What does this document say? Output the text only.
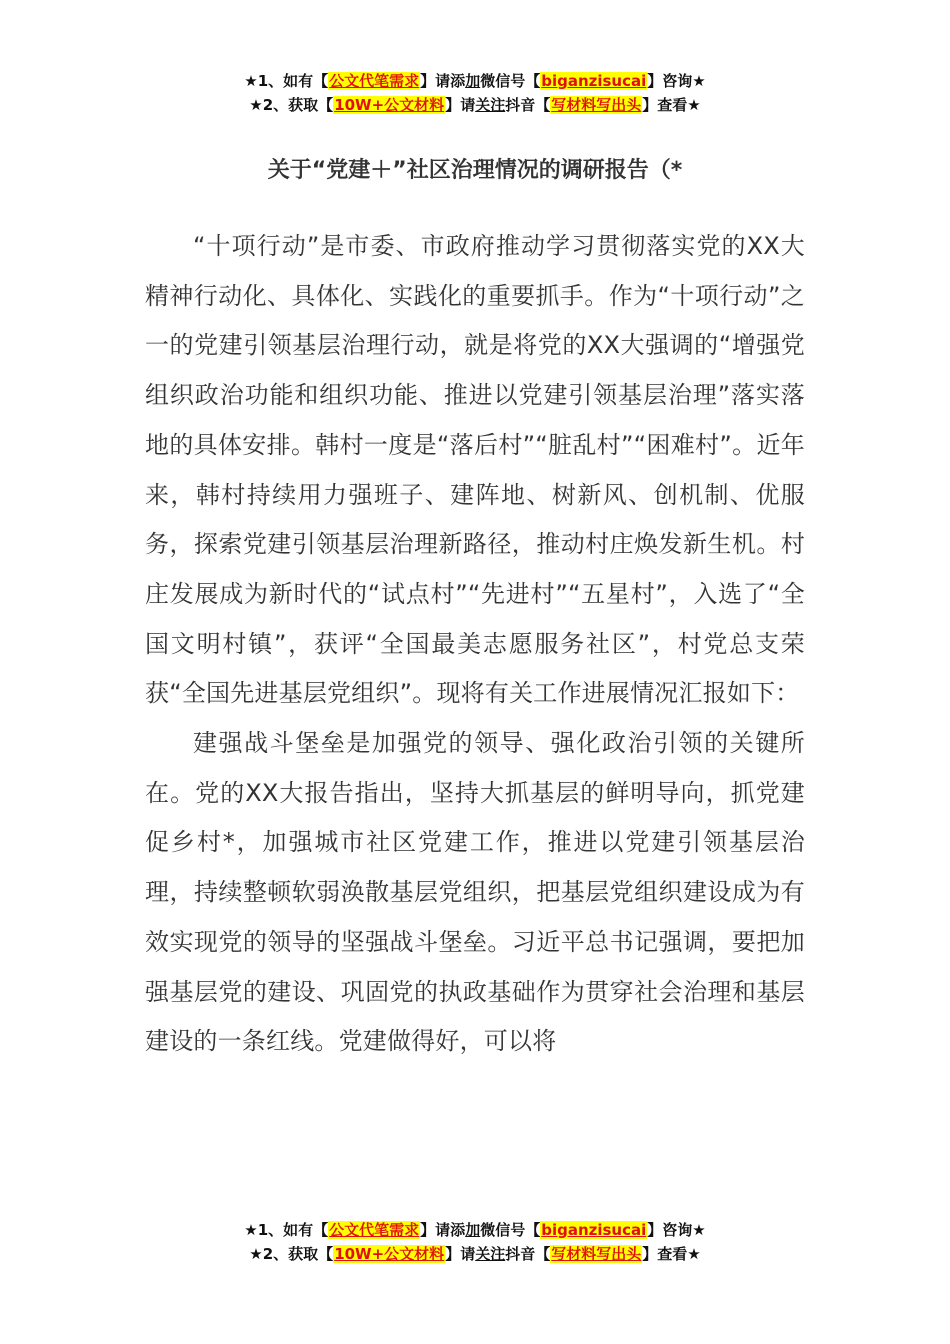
★1、如有【公文代笔需求】请添加微信号【biganzisucai】咨询★
★2、获取【10W+公文材料】请关注抖音【写材料写出头】查看★
关于“党建＋”社区治理情况的调研报告（*

“十项行动”是市委、市政府推动学习贯彻落实党的XX大精神行动化、具体化、实践化的重要抓手。作为“十项行动”之一的党建引领基层治理行动，就是将党的XX大强调的“增强党组织政治功能和组织功能、推进以党建引领基层治理”落实落地的具体安排。韩村一度是“落后村”“脏乱村”“困难村”。近年来，韩村持续用力强班子、建阵地、树新风、创机制、优服务，探索党建引领基层治理新路径，推动村庄焕发新生机。村庄发展成为新时代的“试点村”“先进村”“五星村”，入选了“全国文明村镇”，获评“全国最美志愿服务社区”，村党总支荣获“全国先进基层党组织”。现将有关工作进展情况汇报如下：

建强战斗堡垒是加强党的领导、强化政治引领的关键所在。党的XX大报告指出，坚持大抓基层的鲜明导向，抓党建促乡村*，加强城市社区党建工作，推进以党建引领基层治理，持续整顿软弱涣散基层党组织，把基层党组织建设成为有效实现党的领导的坚强战斗堡垒。习近平总书记强调，要把加强基层党的建设、巩固党的执政基础作为贯穿社会治理和基层建设的一条红线。党建做得好，可以将

★1、如有【公文代笔需求】请添加微信号【biganzisucai】咨询★
★2、获取【10W+公文材料】请关注抖音【写材料写出头】查看★
